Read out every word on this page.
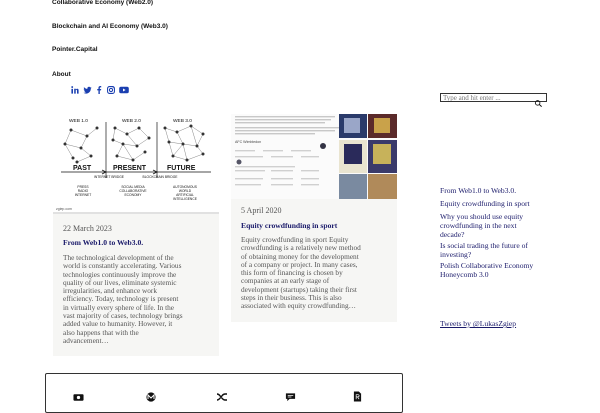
Collaborative Economy (Web2.0)
Blockchain and AI Economy (Web3.0)
Pointer.Capital
About
Type and hit enter ...
WEB 1.0	WEB 2.0	WEB 3.0
PAST	PRESENT	FUTURE
INTERNET BRIDGE	BLOCKCHAIN BRIDGE
PRESS
RADIO
INTERNET
SOCIAL MEDIA
COLLABORATIVE
ECONOMY
AUTONOMOUS
WORLD
ARTIFICIAL
INTELLIGENCE
zgiep.com
22 March 2023
From Web1.0 to Web3.0.
The technological development of the
world is constantly accelerating. Various
technologies continuously improve the
quality of our lives, eliminate systemic
irregularities, and enhance work
efficiency. Today, technology is present
in virtually every sphere of life. In the
vast majority of cases, technology brings
added value to humanity. However, it
also happens that with the
advancement…
AFC Wimbledon
5 April 2020
Equity crowdfunding in sport
Equity crowdfunding in sport Equity
crowdfunding is a relatively new method
of obtaining money for the development
of a company or project. In many cases,
this form of financing is chosen by
companies at an early stage of
development (startups) taking their first
steps in their business. This is also
associated with equity crowdfunding…
From Web1.0 to Web3.0.
Equity crowdfunding in sport
Why you should use equity
crowdfunding in the next
decade?
Is social trading the future of
investing?
Polish Collaborative Economy
Honeycomb 3.0
Tweets by @LukasZgiep
